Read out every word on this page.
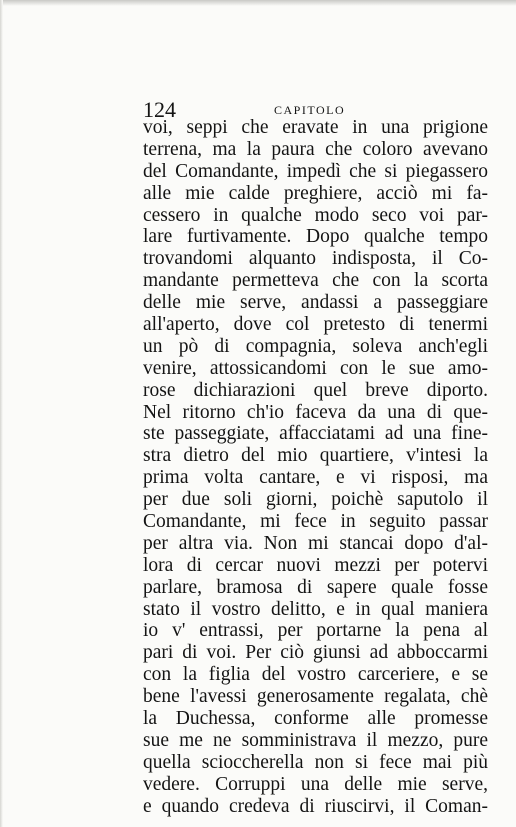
124	CAPITOLO
voi, seppi che eravate in una prigione
terrena, ma la paura che coloro avevano
del Comandante, impedì che si piegassero
alle mie calde preghiere, acciò mi fa-
cessero in qualche modo seco voi par-
lare furtivamente. Dopo qualche tempo
trovandomi alquanto indisposta, il Co-
mandante permetteva che con la scorta
delle mie serve, andassi a passeggiare
all'aperto, dove col pretesto di tenermi
un pò di compagnia, soleva anch'egli
venire, attossicandomi con le sue amo-
rose dichiarazioni quel breve diporto.
Nel ritorno ch'io faceva da una di que-
ste passeggiate, affacciatami ad una fine-
stra dietro del mio quartiere, v'intesi la
prima volta cantare, e vi risposi, ma
per due soli giorni, poichè saputolo il
Comandante, mi fece in seguito passar
per altra via. Non mi stancai dopo d'al-
lora di cercar nuovi mezzi per potervi
parlare, bramosa di sapere quale fosse
stato il vostro delitto, e in qual maniera
io v' entrassi, per portarne la pena al
pari di voi. Per ciò giunsi ad abboccarmi
con la figlia del vostro carceriere, e se
bene l'avessi generosamente regalata, chè
la Duchessa, conforme alle promesse
sue me ne somministrava il mezzo, pure
quella scioccherella non si fece mai più
vedere. Corruppi una delle mie serve,
e quando credeva di riuscirvi, il Coman-
